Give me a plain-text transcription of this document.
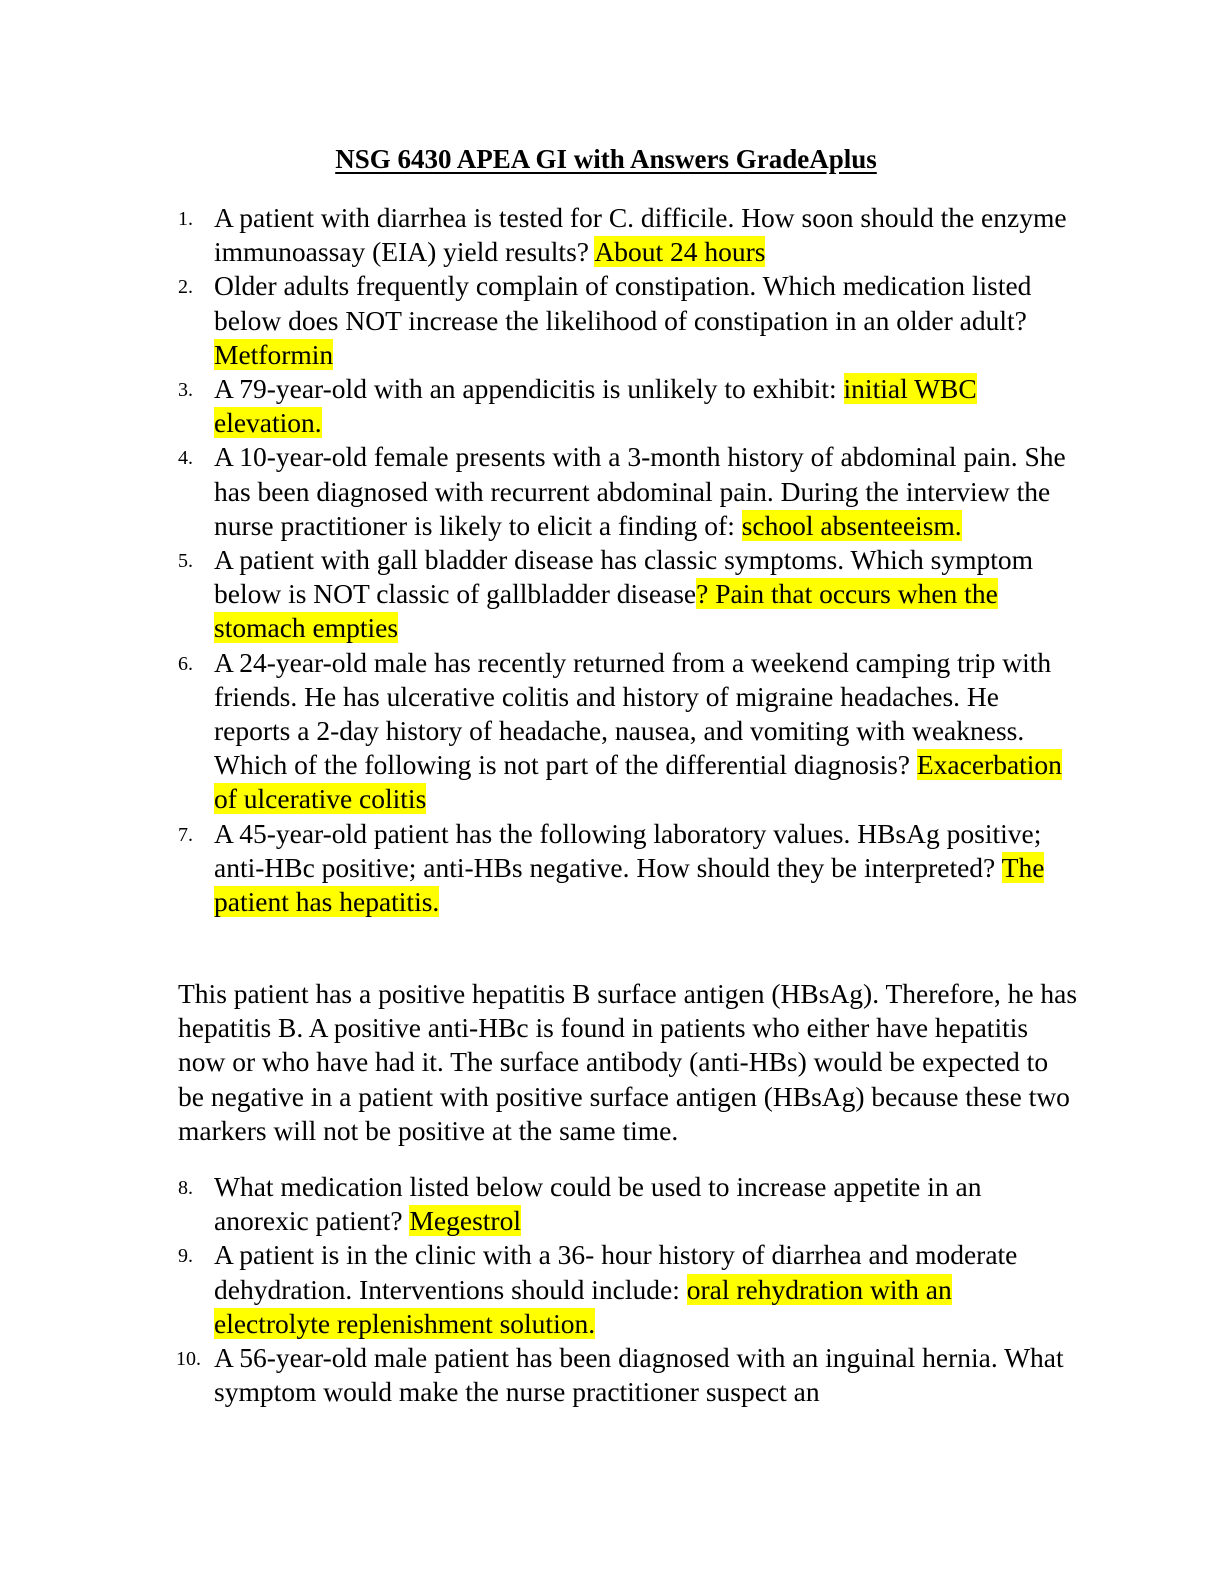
NSG 6430 APEA GI with Answers GradeAplus
1. A patient with diarrhea is tested for C. difficile. How soon should the enzyme immunoassay (EIA) yield results? About 24 hours
2. Older adults frequently complain of constipation. Which medication listed below does NOT increase the likelihood of constipation in an older adult? Metformin
3. A 79-year-old with an appendicitis is unlikely to exhibit: initial WBC elevation.
4. A 10-year-old female presents with a 3-month history of abdominal pain. She has been diagnosed with recurrent abdominal pain. During the interview the nurse practitioner is likely to elicit a finding of: school absenteeism.
5. A patient with gall bladder disease has classic symptoms. Which symptom below is NOT classic of gallbladder disease? Pain that occurs when the stomach empties
6. A 24-year-old male has recently returned from a weekend camping trip with friends. He has ulcerative colitis and history of migraine headaches. He reports a 2-day history of headache, nausea, and vomiting with weakness. Which of the following is not part of the differential diagnosis? Exacerbation of ulcerative colitis
7. A 45-year-old patient has the following laboratory values. HBsAg positive; anti-HBc positive; anti-HBs negative. How should they be interpreted? The patient has hepatitis.

This patient has a positive hepatitis B surface antigen (HBsAg). Therefore, he has hepatitis B. A positive anti-HBc is found in patients who either have hepatitis now or who have had it. The surface antibody (anti-HBs) would be expected to be negative in a patient with positive surface antigen (HBsAg) because these two markers will not be positive at the same time.

8. What medication listed below could be used to increase appetite in an anorexic patient? Megestrol
9. A patient is in the clinic with a 36- hour history of diarrhea and moderate dehydration. Interventions should include: oral rehydration with an electrolyte replenishment solution.
10. A 56-year-old male patient has been diagnosed with an inguinal hernia. What symptom would make the nurse practitioner suspect an
